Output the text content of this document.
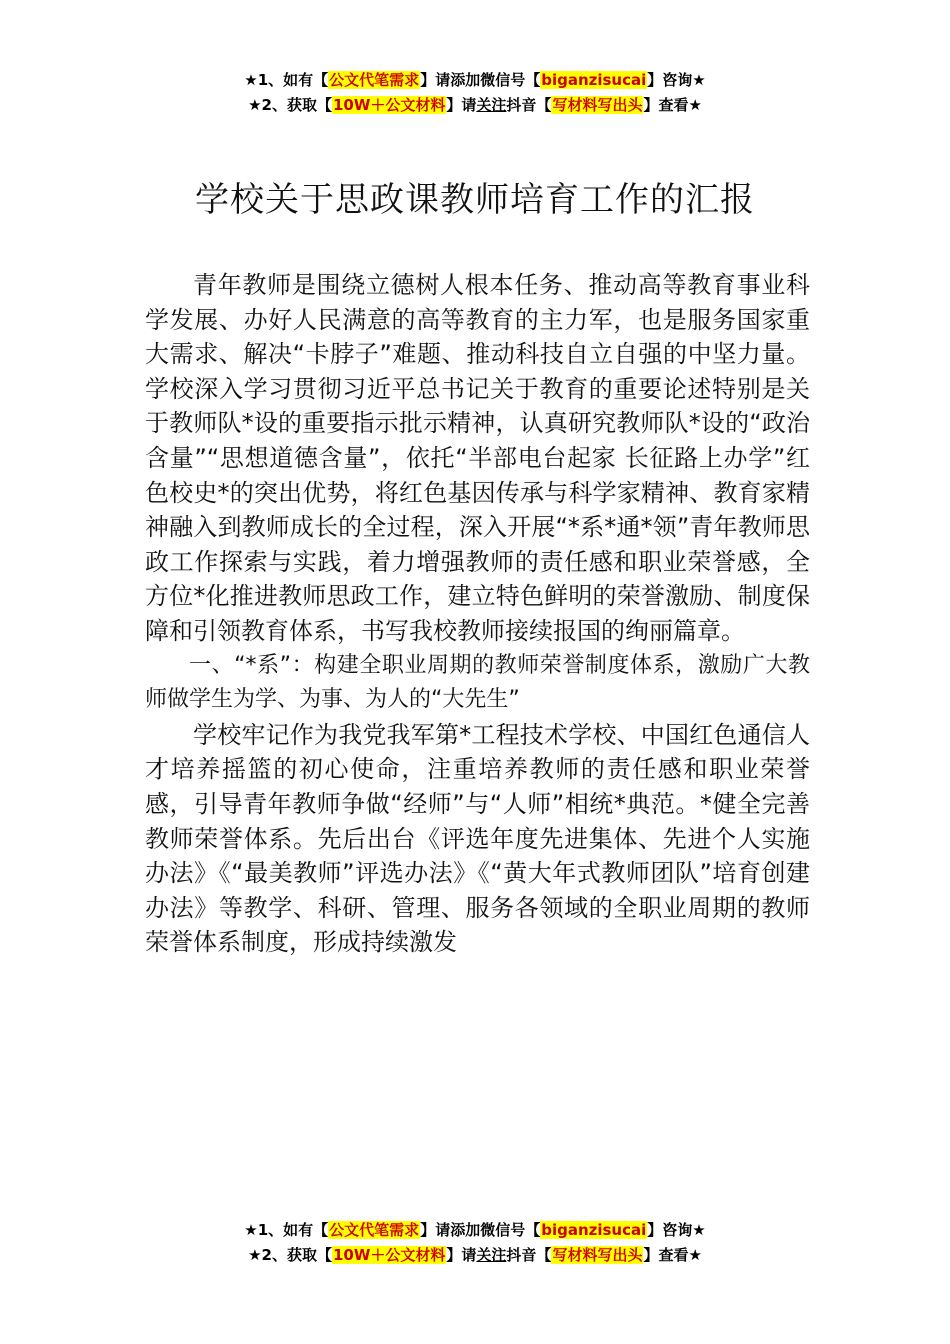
★1、如有【公文代笔需求】请添加微信号【biganzisucai】咨询★
★2、获取【10W＋公文材料】请关注抖音【写材料写出头】查看★
学校关于思政课教师培育工作的汇报

青年教师是围绕立德树人根本任务、推动高等教育事业科学发展、办好人民满意的高等教育的主力军，也是服务国家重大需求、解决“卡脖子”难题、推动科技自立自强的中坚力量。学校深入学习贯彻习近平总书记关于教育的重要论述特别是关于教师队*设的重要指示批示精神，认真研究教师队*设的“政治含量”“思想道德含量”，依托“半部电台起家 长征路上办学”红色校史*的突出优势，将红色基因传承与科学家精神、教育家精神融入到教师成长的全过程，深入开展“*系*通*领”青年教师思政工作探索与实践，着力增强教师的责任感和职业荣誉感，全方位*化推进教师思政工作，建立特色鲜明的荣誉激励、制度保障和引领教育体系，书写我校教师接续报国的绚丽篇章。

一、“*系”：构建全职业周期的教师荣誉制度体系，激励广大教师做学生为学、为事、为人的“大先生”

学校牢记作为我党我军第*工程技术学校、中国红色通信人才培养摇篮的初心使命，注重培养教师的责任感和职业荣誉感，引导青年教师争做“经师”与“人师”相统*典范。*健全完善教师荣誉体系。先后出台《评选年度先进集体、先进个人实施办法》《“最美教师”评选办法》《“黄大年式教师团队”培育创建办法》等教学、科研、管理、服务各领域的全职业周期的教师荣誉体系制度，形成持续激发

★1、如有【公文代笔需求】请添加微信号【biganzisucai】咨询★
★2、获取【10W＋公文材料】请关注抖音【写材料写出头】查看★
